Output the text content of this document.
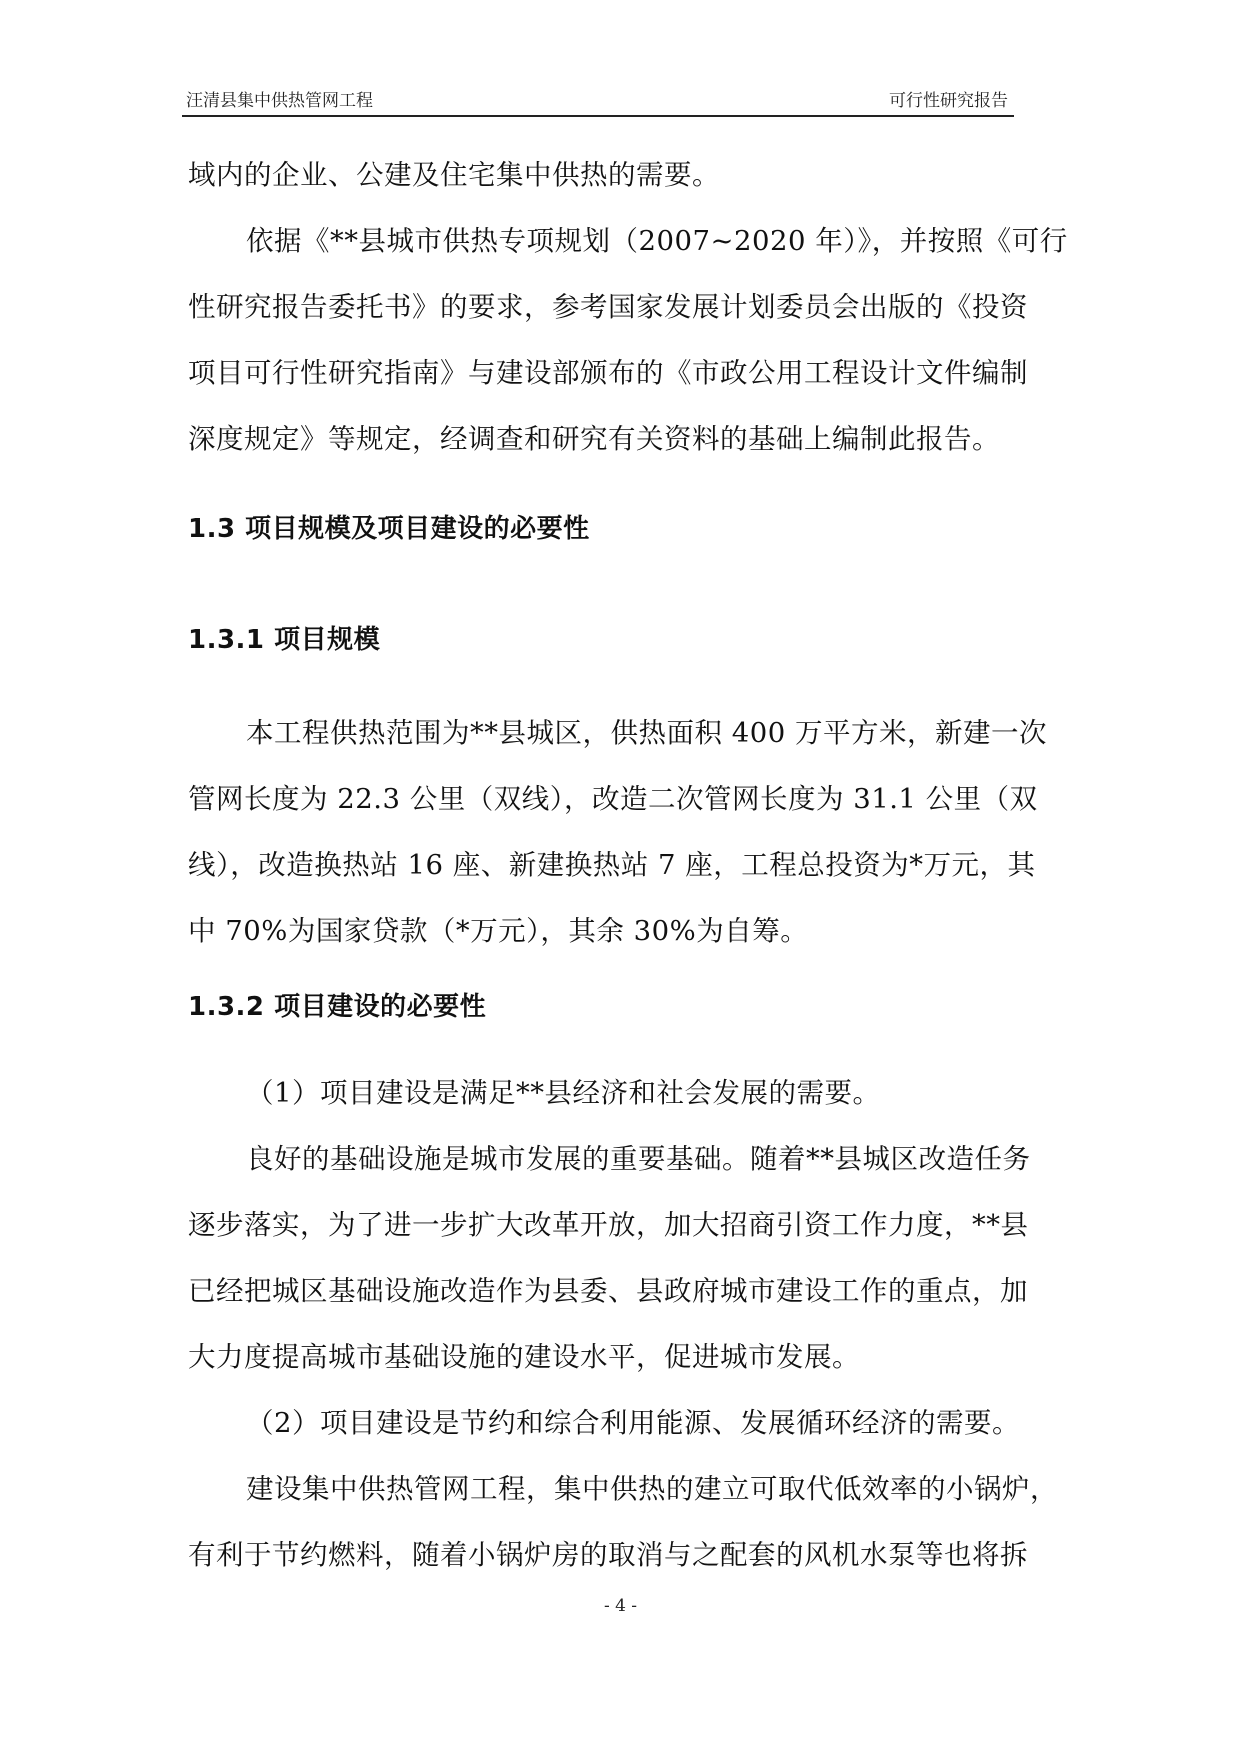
汪清县集中供热管网工程	可行性研究报告
域内的企业、公建及住宅集中供热的需要。
依据《**县城市供热专项规划（2007~2020 年）》，并按照《可行
性研究报告委托书》的要求，参考国家发展计划委员会出版的《投资
项目可行性研究指南》与建设部颁布的《市政公用工程设计文件编制
深度规定》等规定，经调查和研究有关资料的基础上编制此报告。
1.3 项目规模及项目建设的必要性
1.3.1 项目规模
本工程供热范围为**县城区，供热面积 400 万平方米，新建一次
管网长度为 22.3 公里（双线），改造二次管网长度为 31.1 公里（双
线），改造换热站 16 座、新建换热站 7 座，工程总投资为*万元，其
中 70%为国家贷款（*万元），其余 30%为自筹。
1.3.2 项目建设的必要性
（1）项目建设是满足**县经济和社会发展的需要。
良好的基础设施是城市发展的重要基础。随着**县城区改造任务
逐步落实，为了进一步扩大改革开放，加大招商引资工作力度，**县
已经把城区基础设施改造作为县委、县政府城市建设工作的重点，加
大力度提高城市基础设施的建设水平，促进城市发展。
（2）项目建设是节约和综合利用能源、发展循环经济的需要。
建设集中供热管网工程，集中供热的建立可取代低效率的小锅炉，
有利于节约燃料，随着小锅炉房的取消与之配套的风机水泵等也将拆
- 4 -
